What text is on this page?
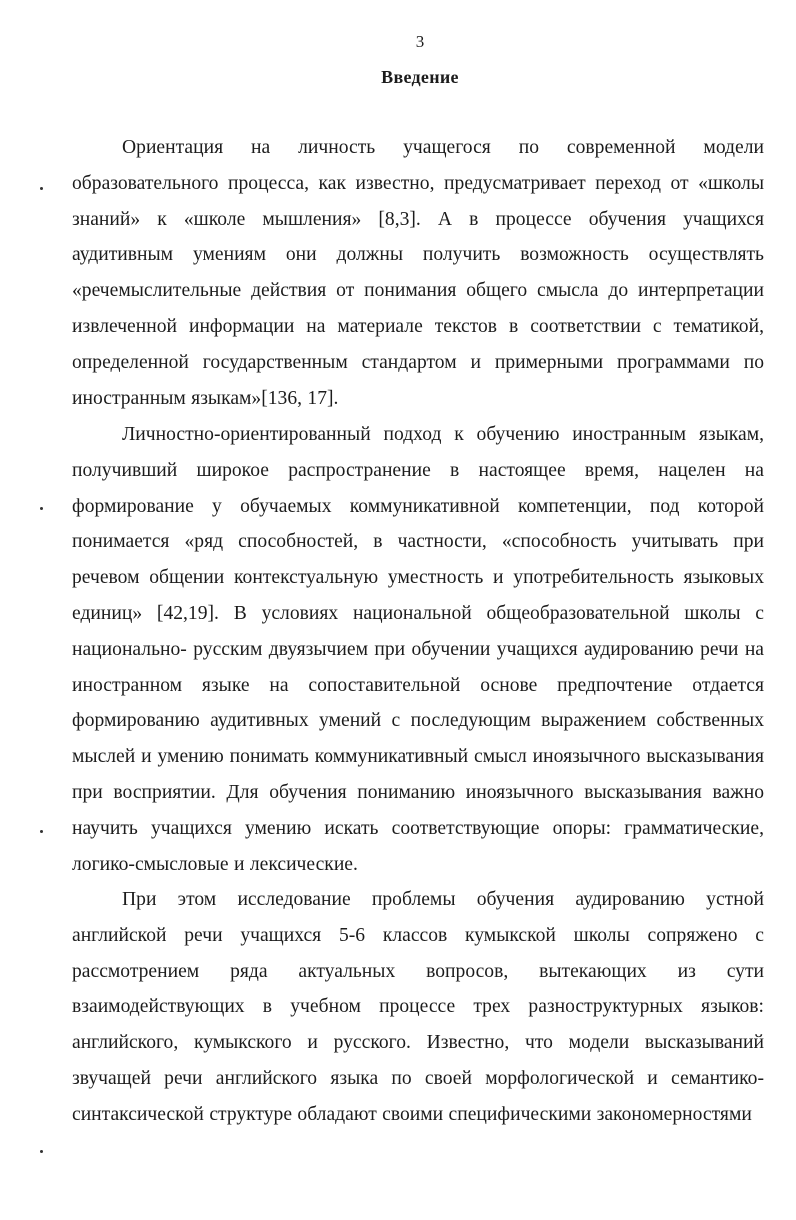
3
Введение

Ориентация на личность учащегося по современной модели образовательного процесса, как известно, предусматривает переход от «школы знаний» к «школе мышления» [8,3]. А в процессе обучения учащихся аудитивным умениям они должны получить возможность осуществлять «речемыслительные действия от понимания общего смысла до интерпретации извлеченной информации на материале текстов в соответствии с тематикой, определенной государственным стандартом и примерными программами по иностранным языкам»[136, 17].

Личностно-ориентированный подход к обучению иностранным языкам, получивший широкое распространение в настоящее время, нацелен на формирование у обучаемых коммуникативной компетенции, под которой понимается «ряд способностей, в частности, «способность учитывать при речевом общении контекстуальную уместность и употребительность языковых единиц» [42,19]. В условиях национальной общеобразовательной школы с национально- русским двуязычием при обучении учащихся аудированию речи на иностранном языке на сопоставительной основе предпочтение отдается формированию аудитивных умений с последующим выражением собственных мыслей и умению понимать коммуникативный смысл иноязычного высказывания при восприятии. Для обучения пониманию иноязычного высказывания важно научить учащихся умению искать соответствующие опоры: грамматические, логико-смысловые и лексические.

При этом исследование проблемы обучения аудированию устной английской речи учащихся 5-6 классов кумыкской школы сопряжено с рассмотрением ряда актуальных вопросов, вытекающих из сути взаимодействующих в учебном процессе трех разноструктурных языков: английского, кумыкского и русского. Известно, что модели высказываний звучащей речи английского языка по своей морфологической и семантико-синтаксической структуре обладают своими специфическими закономерностями
